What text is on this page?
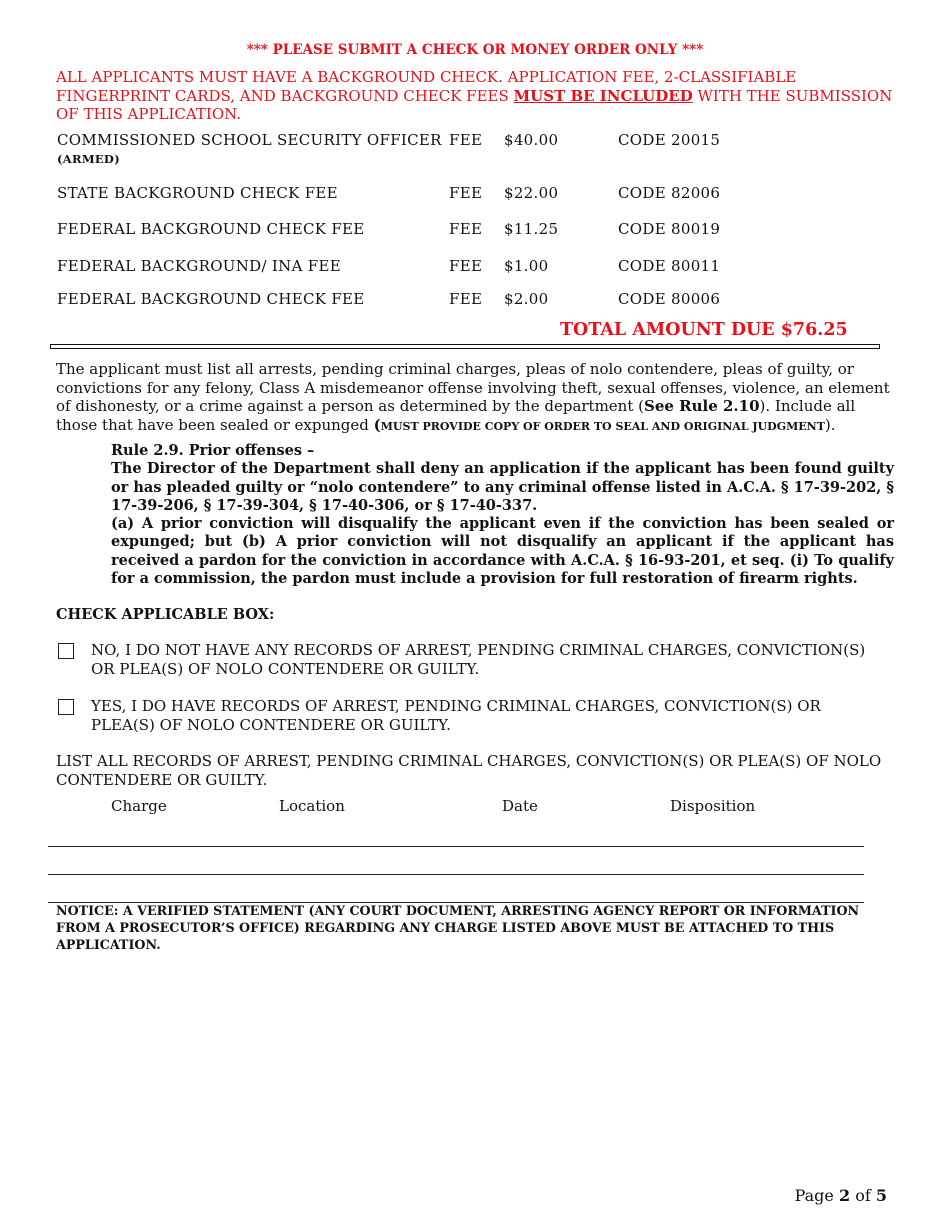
*** PLEASE SUBMIT A CHECK OR MONEY ORDER ONLY ***
ALL APPLICANTS MUST HAVE A BACKGROUND CHECK. APPLICATION FEE, 2-CLASSIFIABLE FINGERPRINT CARDS, AND BACKGROUND CHECK FEES MUST BE INCLUDED WITH THE SUBMISSION OF THIS APPLICATION.
COMMISSIONED SCHOOL SECURITY OFFICER FEE $40.00	CODE 20015
(ARMED)
STATE BACKGROUND CHECK FEE	FEE $22.00	CODE 82006
FEDERAL BACKGROUND CHECK FEE	FEE $11.25	CODE 80019
FEDERAL BACKGROUND/ INA FEE	FEE $1.00	CODE 80011
FEDERAL BACKGROUND CHECK FEE	FEE $2.00	CODE 80006
TOTAL AMOUNT DUE $76.25
The applicant must list all arrests, pending criminal charges, pleas of nolo contendere, pleas of guilty, or convictions for any felony, Class A misdemeanor offense involving theft, sexual offenses, violence, an element of dishonesty, or a crime against a person as determined by the department (See Rule 2.10). Include all those that have been sealed or expunged (MUST PROVIDE COPY OF ORDER TO SEAL AND ORIGINAL JUDGMENT).
Rule 2.9. Prior offenses –
The Director of the Department shall deny an application if the applicant has been found guilty or has pleaded guilty or “nolo contendere” to any criminal offense listed in A.C.A. § 17-39-202, § 17-39-206, § 17-39-304, § 17-40-306, or § 17-40-337.
(a) A prior conviction will disqualify the applicant even if the conviction has been sealed or expunged; but (b) A prior conviction will not disqualify an applicant if the applicant has received a pardon for the conviction in accordance with A.C.A. § 16-93-201, et seq. (i) To qualify for a commission, the pardon must include a provision for full restoration of firearm rights.
CHECK APPLICABLE BOX:
NO, I DO NOT HAVE ANY RECORDS OF ARREST, PENDING CRIMINAL CHARGES, CONVICTION(S) OR PLEA(S) OF NOLO CONTENDERE OR GUILTY.
YES, I DO HAVE RECORDS OF ARREST, PENDING CRIMINAL CHARGES, CONVICTION(S) OR PLEA(S) OF NOLO CONTENDERE OR GUILTY.
LIST ALL RECORDS OF ARREST, PENDING CRIMINAL CHARGES, CONVICTION(S) OR PLEA(S) OF NOLO CONTENDERE OR GUILTY.
Charge	Location	Date	Disposition
NOTICE: A VERIFIED STATEMENT (ANY COURT DOCUMENT, ARRESTING AGENCY REPORT OR INFORMATION FROM A PROSECUTOR’S OFFICE) REGARDING ANY CHARGE LISTED ABOVE MUST BE ATTACHED TO THIS APPLICATION.
Page 2 of 5
